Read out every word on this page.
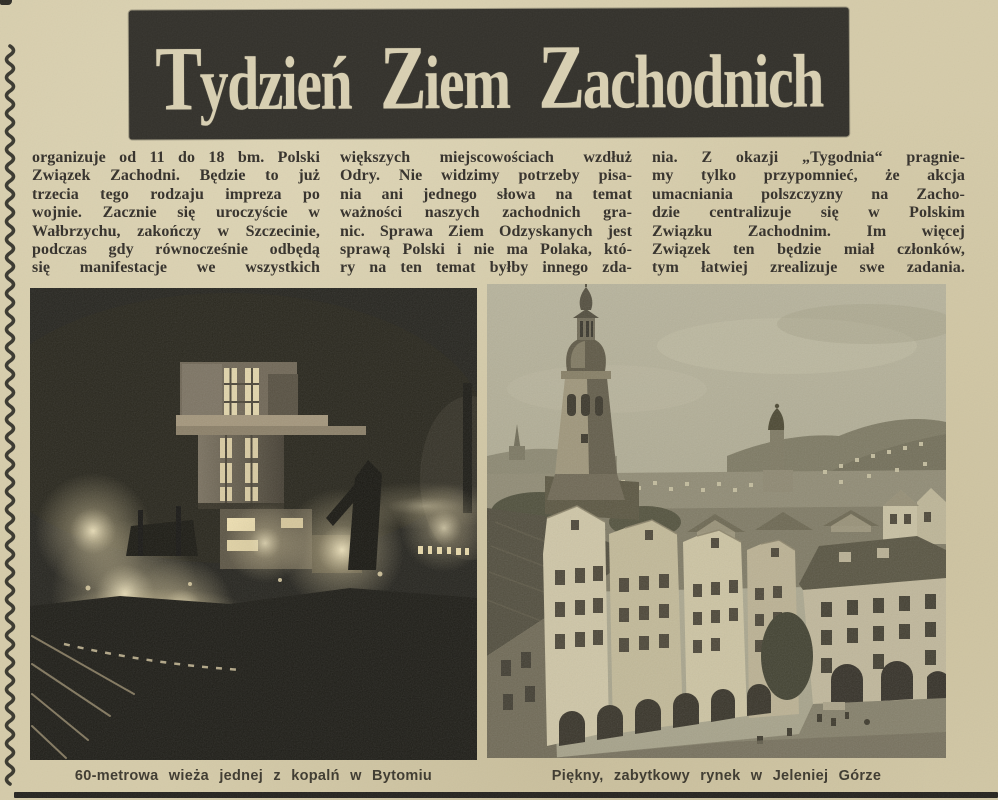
Tydzień Ziem Zachodnich
organizuje od 11 do 18 bm. Polski
Związek Zachodni. Będzie to już
trzecia tego rodzaju impreza po
wojnie. Zacznie się uroczyście w
Wałbrzychu, zakończy w Szczecinie,
podczas gdy równocześnie odbędą
się manifestacje we wszystkich
większych miejscowościach wzdłuż
Odry. Nie widzimy potrzeby pisa-
nia ani jednego słowa na temat
ważności naszych zachodnich gra-
nic. Sprawa Ziem Odzyskanych jest
sprawą Polski i nie ma Polaka, któ-
ry na ten temat byłby innego zda-
nia. Z okazji „Tygodnia“ pragnie-
my tylko przypomnieć, że akcja
umacniania polszczyzny na Zacho-
dzie centralizuje się w Polskim
Związku Zachodnim. Im więcej
Związek ten będzie miał członków,
tym łatwiej zrealizuje swe zadania.
60-metrowa wieża jednej z kopalń w Bytomiu	Piękny, zabytkowy rynek w Jeleniej Górze
